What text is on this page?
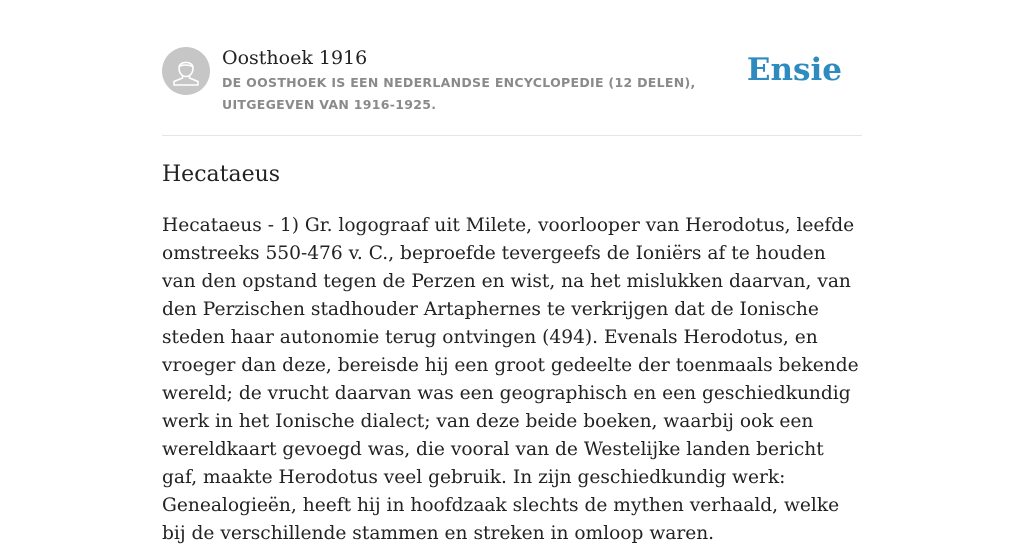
Oosthoek 1916
DE OOSTHOEK IS EEN NEDERLANDSE ENCYCLOPEDIE (12 DELEN), UITGEGEVEN VAN 1916-1925.
Ensie
Hecataeus

Hecataeus - 1) Gr. logograaf uit Milete, voorlooper van Herodotus, leefde omstreeks 550-476 v. C., beproefde tevergeefs de Ioniërs af te houden van den opstand tegen de Perzen en wist, na het mislukken daarvan, van den Perzischen stadhouder Artaphernes te verkrijgen dat de Ionische steden haar autonomie terug ontvingen (494). Evenals Herodotus, en vroeger dan deze, bereisde hij een groot gedeelte der toenmaals bekende wereld; de vrucht daarvan was een geographisch en een geschiedkundig werk in het Ionische dialect; van deze beide boeken, waarbij ook een wereldkaart gevoegd was, die vooral van de Westelijke landen bericht gaf, maakte Herodotus veel gebruik. In zijn geschiedkundig werk: Genealogieën, heeft hij in hoofdzaak slechts de mythen verhaald, welke bij de verschillende stammen en streken in omloop waren.
